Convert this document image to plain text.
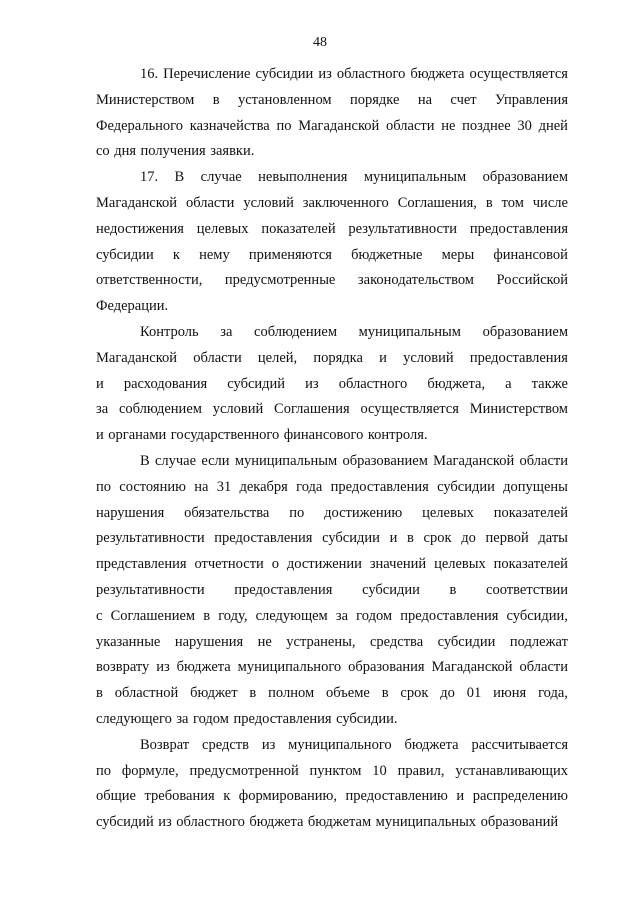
48
16. Перечисление субсидии из областного бюджета осуществляется
Министерством в установленном порядке на счет Управления
Федерального казначейства по Магаданской области не позднее 30 дней
со дня получения заявки.
17. В случае невыполнения муниципальным образованием
Магаданской области условий заключенного Соглашения, в том числе
недостижения целевых показателей результативности предоставления
субсидии к нему применяются бюджетные меры финансовой
ответственности, предусмотренные законодательством Российской
Федерации.
Контроль за соблюдением муниципальным образованием
Магаданской области целей, порядка и условий предоставления
и расходования субсидий из областного бюджета, а также
за соблюдением условий Соглашения осуществляется Министерством
и органами государственного финансового контроля.
В случае если муниципальным образованием Магаданской области
по состоянию на 31 декабря года предоставления субсидии допущены
нарушения обязательства по достижению целевых показателей
результативности предоставления субсидии и в срок до первой даты
представления отчетности о достижении значений целевых показателей
результативности предоставления субсидии в соответствии
с Соглашением в году, следующем за годом предоставления субсидии,
указанные нарушения не устранены, средства субсидии подлежат
возврату из бюджета муниципального образования Магаданской области
в областной бюджет в полном объеме в срок до 01 июня года,
следующего за годом предоставления субсидии.
Возврат средств из муниципального бюджета рассчитывается
по формуле, предусмотренной пунктом 10 правил, устанавливающих
общие требования к формированию, предоставлению и распределению
субсидий из областного бюджета бюджетам муниципальных образований
